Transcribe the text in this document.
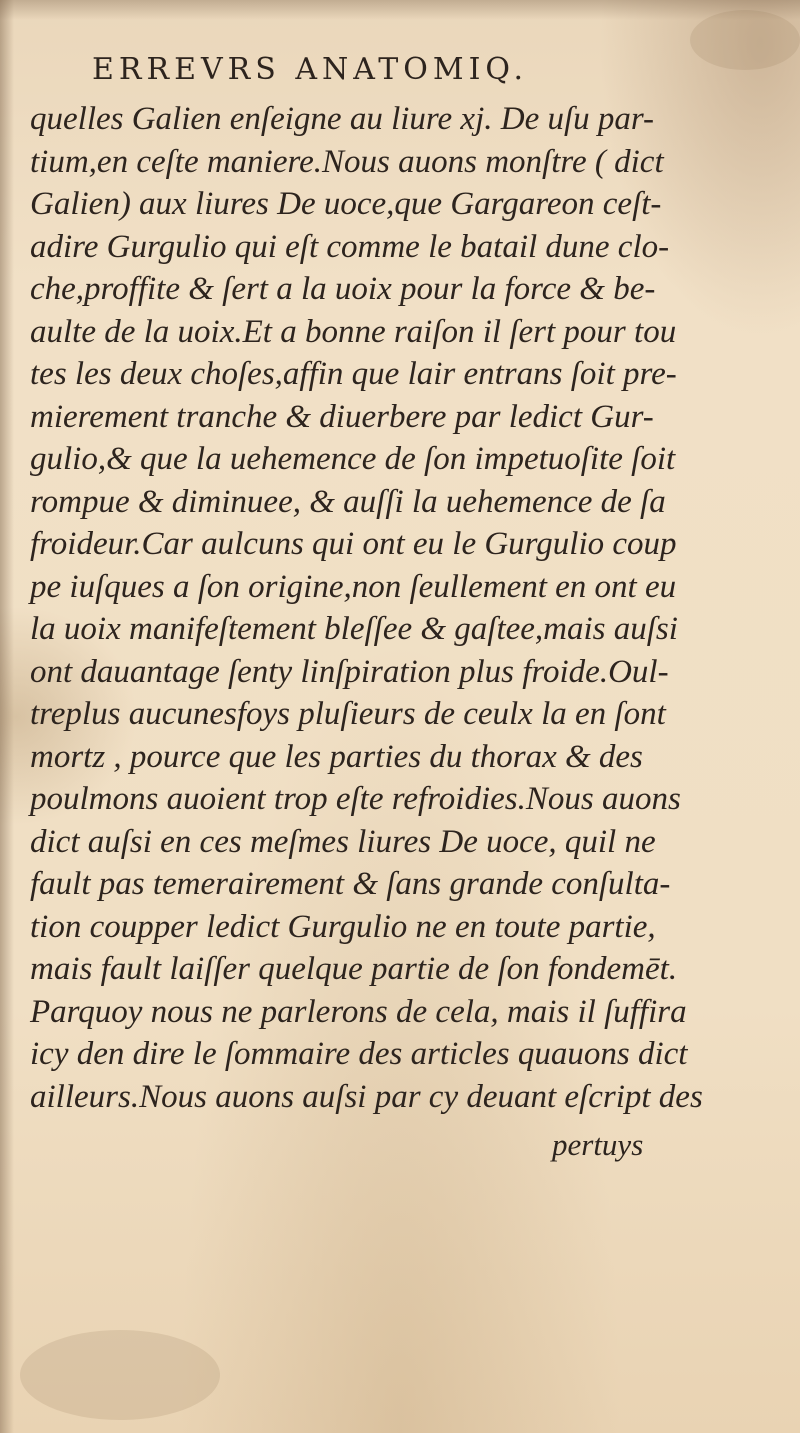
ERREVRS ANATOMIQ.
quelles Galien enſeigne au liure xj. De uſu par-
tium,en ceſte maniere.Nous auons monſtre ( dict
Galien) aux liures De uoce,que Gargareon ceſt-
adire Gurgulio qui eſt comme le batail dune clo-
che,proffite & ſert a la uoix pour la force & be-
aulte de la uoix.Et a bonne raiſon il ſert pour tou
tes les deux choſes,affin que lair entrans ſoit pre-
mierement tranche & diuerbere par ledict Gur-
gulio,& que la uehemence de ſon impetuoſite ſoit
rompue & diminuee, & auſſi la uehemence de ſa
froideur.Car aulcuns qui ont eu le Gurgulio coup
pe iuſques a ſon origine,non ſeullement en ont eu
la uoix manifeſtement bleſſee & gaſtee,mais auſsi
ont dauantage ſenty linſpiration plus froide.Oul-
treplus aucunesfoys pluſieurs de ceulx la en ſont
mortz , pource que les parties du thorax & des
poulmons auoient trop eſte refroidies.Nous auons
dict auſsi en ces meſmes liures De uoce, quil ne
fault pas temerairement & ſans grande conſulta-
tion coupper ledict Gurgulio ne en toute partie,
mais fault laiſſer quelque partie de ſon fondemēt.
Parquoy nous ne parlerons de cela, mais il ſuffira
icy den dire le ſommaire des articles quauons dict
ailleurs.Nous auons auſsi par cy deuant eſcript des
pertuys
